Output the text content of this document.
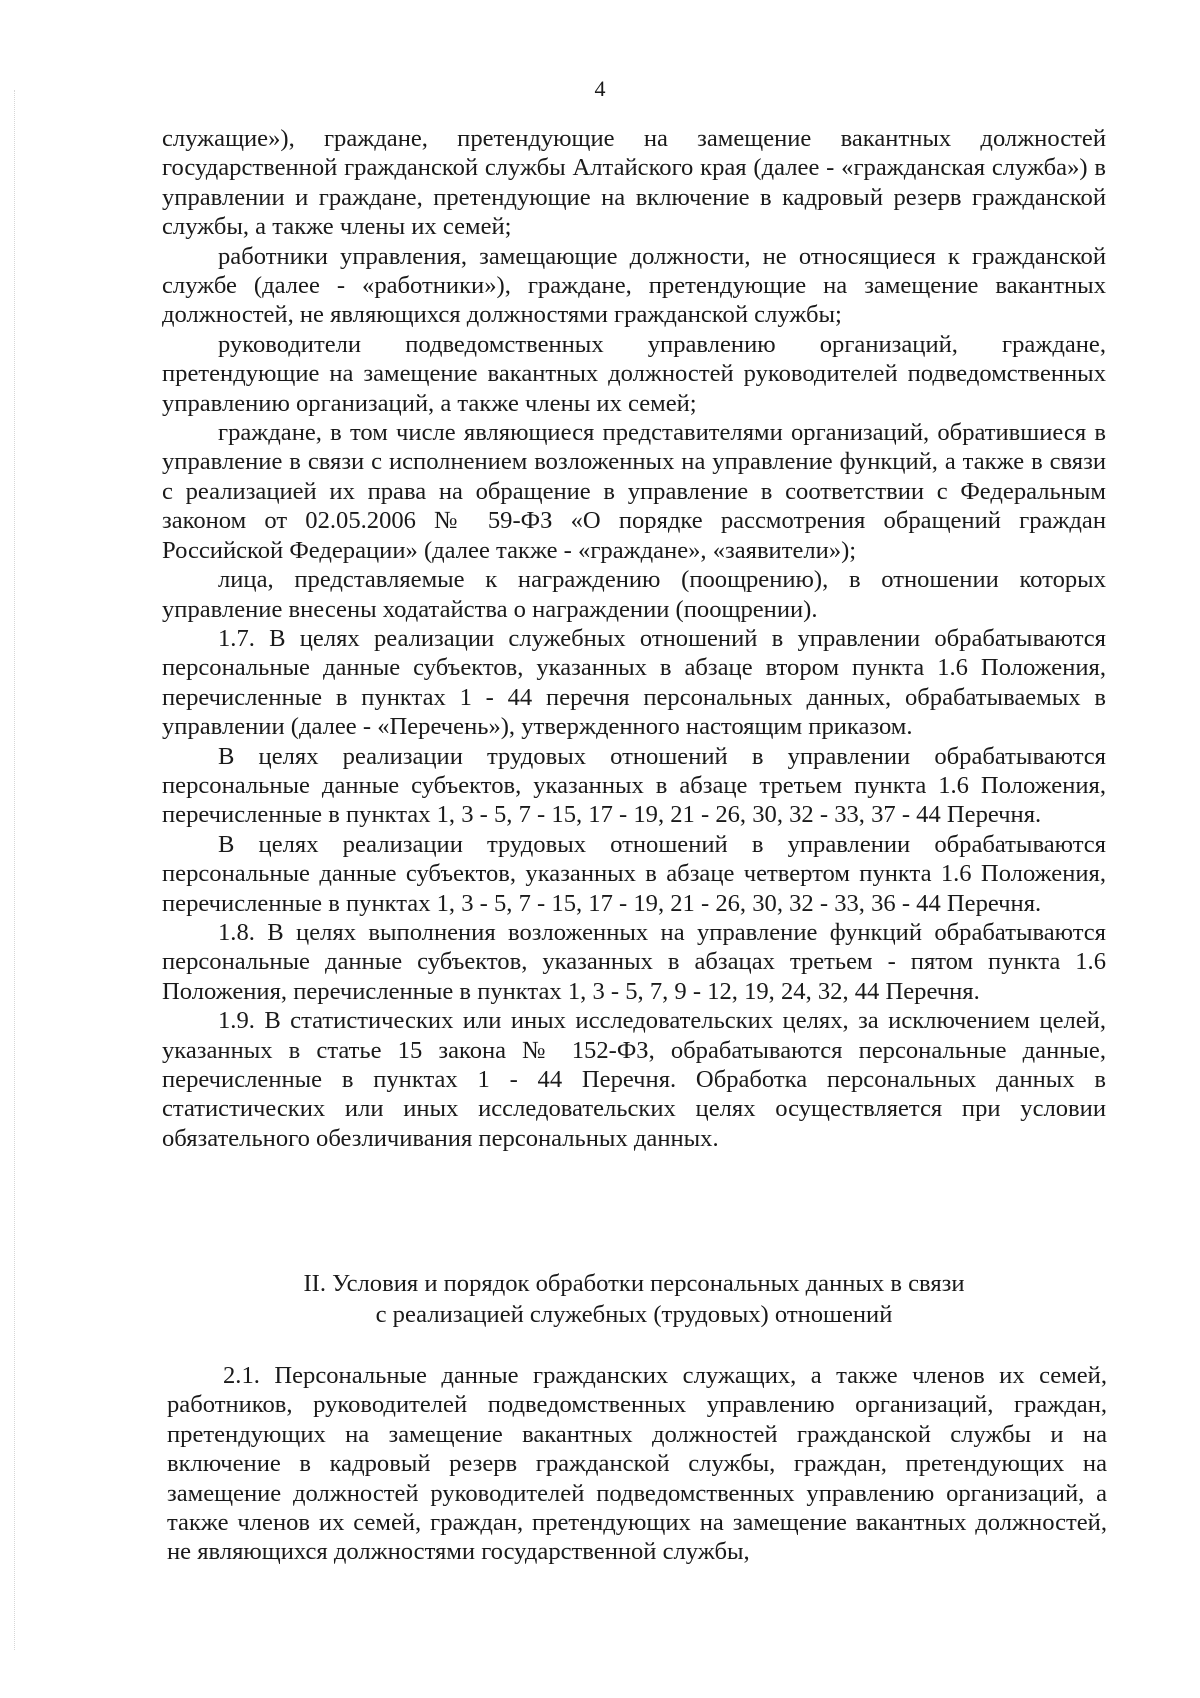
4

служащие»), граждане, претендующие на замещение вакантных должностей государственной гражданской службы Алтайского края (далее - «гражданская служба») в управлении и граждане, претендующие на включение в кадровый резерв гражданской службы, а также члены их семей;

работники управления, замещающие должности, не относящиеся к гражданской службе (далее - «работники»), граждане, претендующие на замещение вакантных должностей, не являющихся должностями гражданской службы;

руководители подведомственных управлению организаций, граждане, претендующие на замещение вакантных должностей руководителей подведомственных управлению организаций, а также члены их семей;

граждане, в том числе являющиеся представителями организаций, обратившиеся в управление в связи с исполнением возложенных на управление функций, а также в связи с реализацией их права на обращение в управление в соответствии с Федеральным законом от 02.05.2006 № 59-ФЗ «О порядке рассмотрения обращений граждан Российской Федерации» (далее также - «граждане», «заявители»);

лица, представляемые к награждению (поощрению), в отношении которых управление внесены ходатайства о награждении (поощрении).

1.7. В целях реализации служебных отношений в управлении обрабатываются персональные данные субъектов, указанных в абзаце втором пункта 1.6 Положения, перечисленные в пунктах 1 - 44 перечня персональных данных, обрабатываемых в управлении (далее - «Перечень»), утвержденного настоящим приказом.

В целях реализации трудовых отношений в управлении обрабатываются персональные данные субъектов, указанных в абзаце третьем пункта 1.6 Положения, перечисленные в пунктах 1, 3 - 5, 7 - 15, 17 - 19, 21 - 26, 30, 32 - 33, 37 - 44 Перечня.

В целях реализации трудовых отношений в управлении обрабатываются персональные данные субъектов, указанных в абзаце четвертом пункта 1.6 Положения, перечисленные в пунктах 1, 3 - 5, 7 - 15, 17 - 19, 21 - 26, 30, 32 - 33, 36 - 44 Перечня.

1.8. В целях выполнения возложенных на управление функций обрабатываются персональные данные субъектов, указанных в абзацах третьем - пятом пункта 1.6 Положения, перечисленные в пунктах 1, 3 - 5, 7, 9 - 12, 19, 24, 32, 44 Перечня.

1.9. В статистических или иных исследовательских целях, за исключением целей, указанных в статье 15 закона № 152-ФЗ, обрабатываются персональные данные, перечисленные в пунктах 1 - 44 Перечня. Обработка персональных данных в статистических или иных исследовательских целях осуществляется при условии обязательного обезличивания персональных данных.

II. Условия и порядок обработки персональных данных в связи
с реализацией служебных (трудовых) отношений

2.1. Персональные данные гражданских служащих, а также членов их семей, работников, руководителей подведомственных управлению организаций, граждан, претендующих на замещение вакантных должностей гражданской службы и на включение в кадровый резерв гражданской службы, граждан, претендующих на замещение должностей руководителей подведомственных управлению организаций, а также членов их семей, граждан, претендующих на замещение вакантных должностей, не являющихся должностями государственной службы,
